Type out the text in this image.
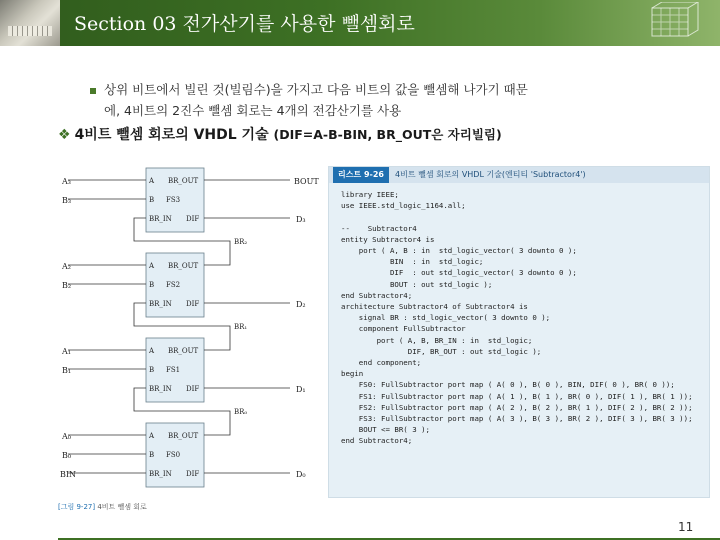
Section 03 전가산기를 사용한 뺄셈회로
상위 비트에서 빌린 것(빌림수)을 가지고 다음 비트의 값을 뺄셈해 나가기 때문
에, 4비트의 2진수 뺄셈 회로는 4개의 전감산기를 사용
❖ 4비트 뺄셈 회로의 VHDL 기술 (DIF=A-B-BIN, BR_OUT은 자리빌림)
A₃
B₃
A
B
BR_IN
BR_OUT
FS3
DIF	D₃
BOUT
A₂
B₂
A
B
BR_IN
BR_OUT
FS2
DIF	D₂
BR₂
A₁
B₁
A
B
BR_IN
BR_OUT
FS1
DIF	D₁
BR₁
A₀
B₀
A
B
BR_IN
BR_OUT
FS0
DIF	D₀
BR₀
BIN
[그림 9-27] 4비트 뺄셈 회로
리스트 9-26 4비트 뺄셈 회로의 VHDL 기술(엔티티 'Subtractor4')
library IEEE;
use IEEE.std_logic_1164.all;

--    Subtractor4
entity Subtractor4 is
port ( A, B : in  std_logic_vector( 3 downto 0 );
BIN  : in  std_logic;
DIF  : out std_logic_vector( 3 downto 0 );
BOUT : out std_logic );
end Subtractor4;
architecture Subtractor4 of Subtractor4 is
signal BR : std_logic_vector( 3 downto 0 );
component FullSubtractor
port ( A, B, BR_IN : in  std_logic;
DIF, BR_OUT : out std_logic );
end component;
begin
FS0: FullSubtractor port map ( A( 0 ), B( 0 ), BIN, DIF( 0 ), BR( 0 ));
FS1: FullSubtractor port map ( A( 1 ), B( 1 ), BR( 0 ), DIF( 1 ), BR( 1 ));
FS2: FullSubtractor port map ( A( 2 ), B( 2 ), BR( 1 ), DIF( 2 ), BR( 2 ));
FS3: FullSubtractor port map ( A( 3 ), B( 3 ), BR( 2 ), DIF( 3 ), BR( 3 ));
BOUT <= BR( 3 );
end Subtractor4;
11
